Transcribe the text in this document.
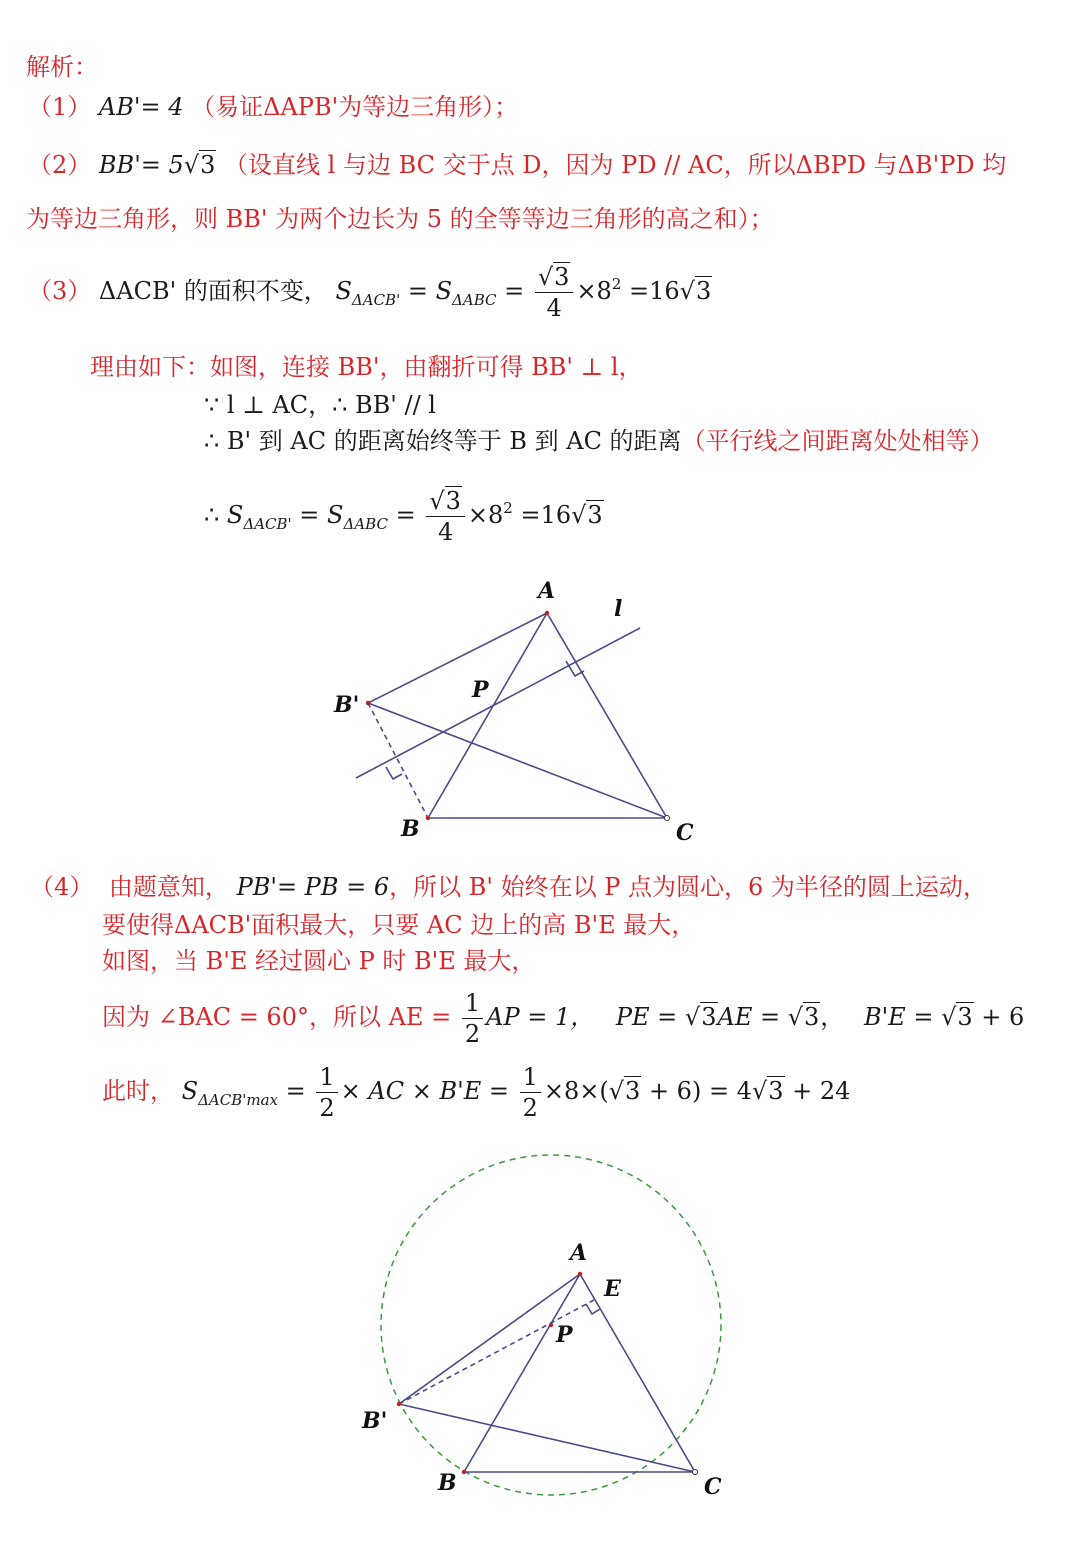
解析：
（1） AB'= 4 （易证ΔAPB'为等边三角形）；
（2） BB'= 5√3 （设直线 l 与边 BC 交于点 D，因为 PD // AC，所以ΔBPD 与ΔB'PD 均
为等边三角形，则 BB' 为两个边长为 5 的全等等边三角形的高之和）；
（3） ΔACB' 的面积不变， $S_{\Delta ACB'} = S_{\Delta ABC} = \frac{√3}{4} \times 8^2 =16√3$
理由如下：如图，连接 BB'，由翻折可得 BB' ⊥ l，
∵ l ⊥ AC，∴ BB' // l
∴ B' 到 AC 的距离始终等于 B 到 AC 的距离（平行线之间距离处处相等）
∴ $S_{\Delta ACB'} = S_{\Delta ABC} = \frac{√3}{4} \times 8^2 =16√3$
A
l
B'
P
B	C
（4） 由题意知， PB'= PB = 6，所以 B' 始终在以 P 点为圆心，6 为半径的圆上运动，
要使得ΔACB'面积最大，只要 AC 边上的高 B'E 最大，
如图，当 B'E 经过圆心 P 时 B'E 最大，
因为 ∠BAC = 60°，所以 AE = $\frac{1}{2}$ AP = 1， PE = √3AE = √3， B'E = √3 + 6
此时， $S_{\Delta ACB'max} = \frac{1}{2}$ × AC × $B'E = \frac{1}{2} \times 8\times(√3 + 6) = 4√3 + 24$
A
E
P
B'
B	C
